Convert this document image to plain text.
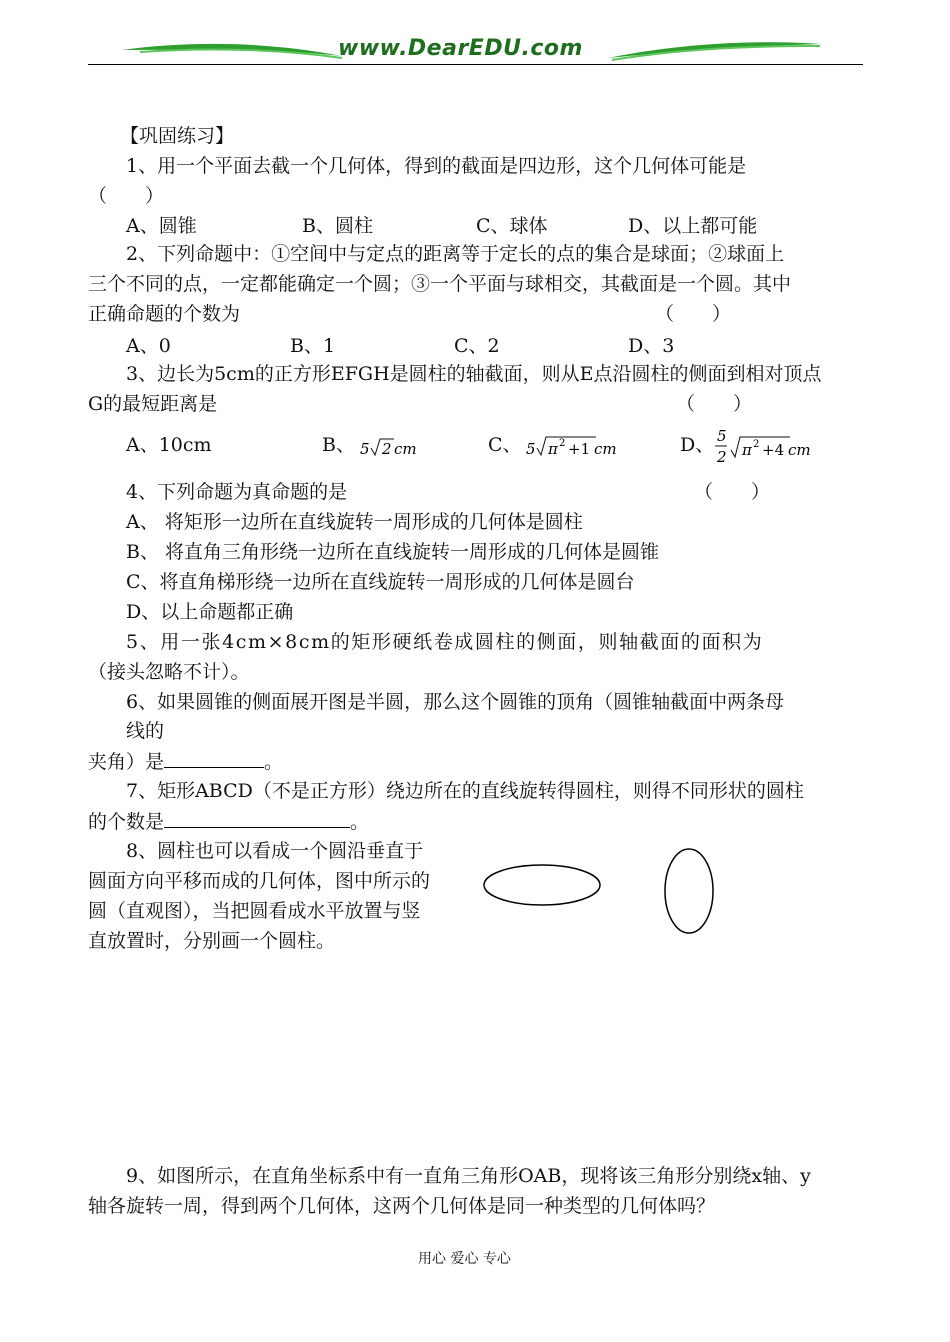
www.DearEDU.com
【巩固练习】
1、用一个平面去截一个几何体，得到的截面是四边形，这个几何体可能是
（　　）
A、圆锥	B、圆柱	C、球体	D、以上都可能
2、下列命题中：①空间中与定点的距离等于定长的点的集合是球面；②球面上
三个不同的点，一定都能确定一个圆；③一个平面与球相交，其截面是一个圆。其中
正确命题的个数为	（　　）
A、0	B、1	C、2	D、3
3、边长为5cm的正方形EFGH是圆柱的轴截面，则从E点沿圆柱的侧面到相对顶点
G的最短距离是	（　　）
A、10cm	B、 5 2 cm	C、 5 π 2 +1 cm	D、 5
2 π 2 +4 cm
4、下列命题为真命题的是	（　　）
A、 将矩形一边所在直线旋转一周形成的几何体是圆柱
B、 将直角三角形绕一边所在直线旋转一周形成的几何体是圆锥
C、将直角梯形绕一边所在直线旋转一周形成的几何体是圆台
D、以上命题都正确
5、用一张4cm×8cm的矩形硬纸卷成圆柱的侧面，则轴截面的面积为
（接头忽略不计）。
6、如果圆锥的侧面展开图是半圆，那么这个圆锥的顶角（圆锥轴截面中两条母
线的
夹角）是	。
7、矩形ABCD（不是正方形）绕边所在的直线旋转得圆柱，则得不同形状的圆柱
的个数是	。
8、圆柱也可以看成一个圆沿垂直于
圆面方向平移而成的几何体，图中所示的
圆（直观图），当把圆看成水平放置与竖
直放置时，分别画一个圆柱。
9、如图所示，在直角坐标系中有一直角三角形OAB，现将该三角形分别绕x轴、y
轴各旋转一周，得到两个几何体，这两个几何体是同一种类型的几何体吗？
用心 爱心 专心
